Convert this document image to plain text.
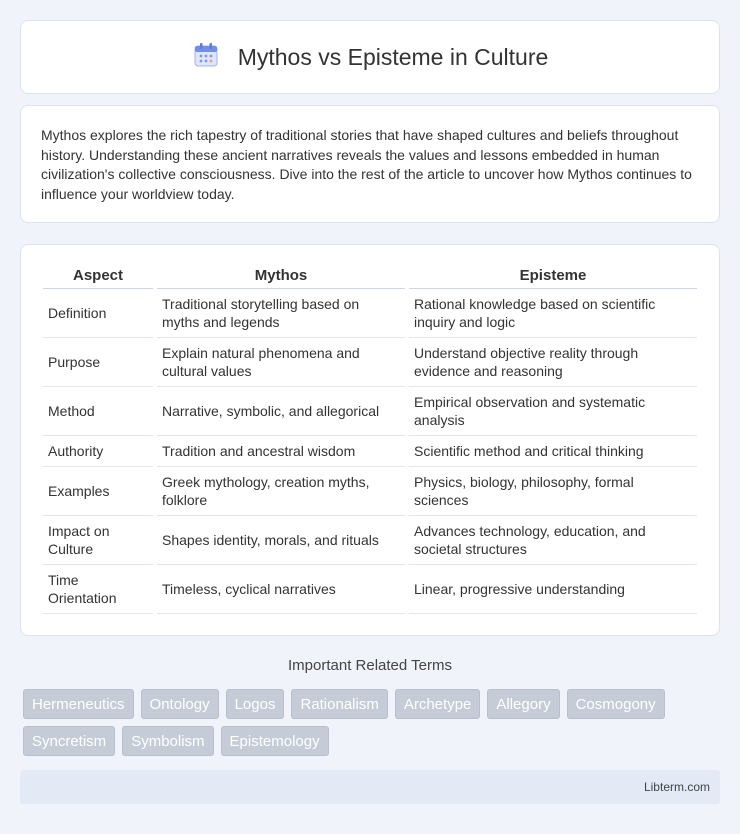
Mythos vs Episteme in Culture

Mythos explores the rich tapestry of traditional stories that have shaped cultures and beliefs throughout history. Understanding these ancient narratives reveals the values and lessons embedded in human civilization's collective consciousness. Dive into the rest of the article to uncover how Mythos continues to influence your worldview today.

Aspect	Mythos	Episteme
Definition	Traditional storytelling based on myths and legends	Rational knowledge based on scientific inquiry and logic
Purpose	Explain natural phenomena and cultural values	Understand objective reality through evidence and reasoning
Method	Narrative, symbolic, and allegorical	Empirical observation and systematic analysis
Authority	Tradition and ancestral wisdom	Scientific method and critical thinking
Examples	Greek mythology, creation myths, folklore	Physics, biology, philosophy, formal sciences
Impact on Culture	Shapes identity, morals, and rituals	Advances technology, education, and societal structures
Time Orientation	Timeless, cyclical narratives	Linear, progressive understanding
Important Related Terms
Hermeneutics	Ontology	Logos	Rationalism	Archetype	Allegory	Cosmogony
Syncretism	Symbolism	Epistemology
Libterm.com
